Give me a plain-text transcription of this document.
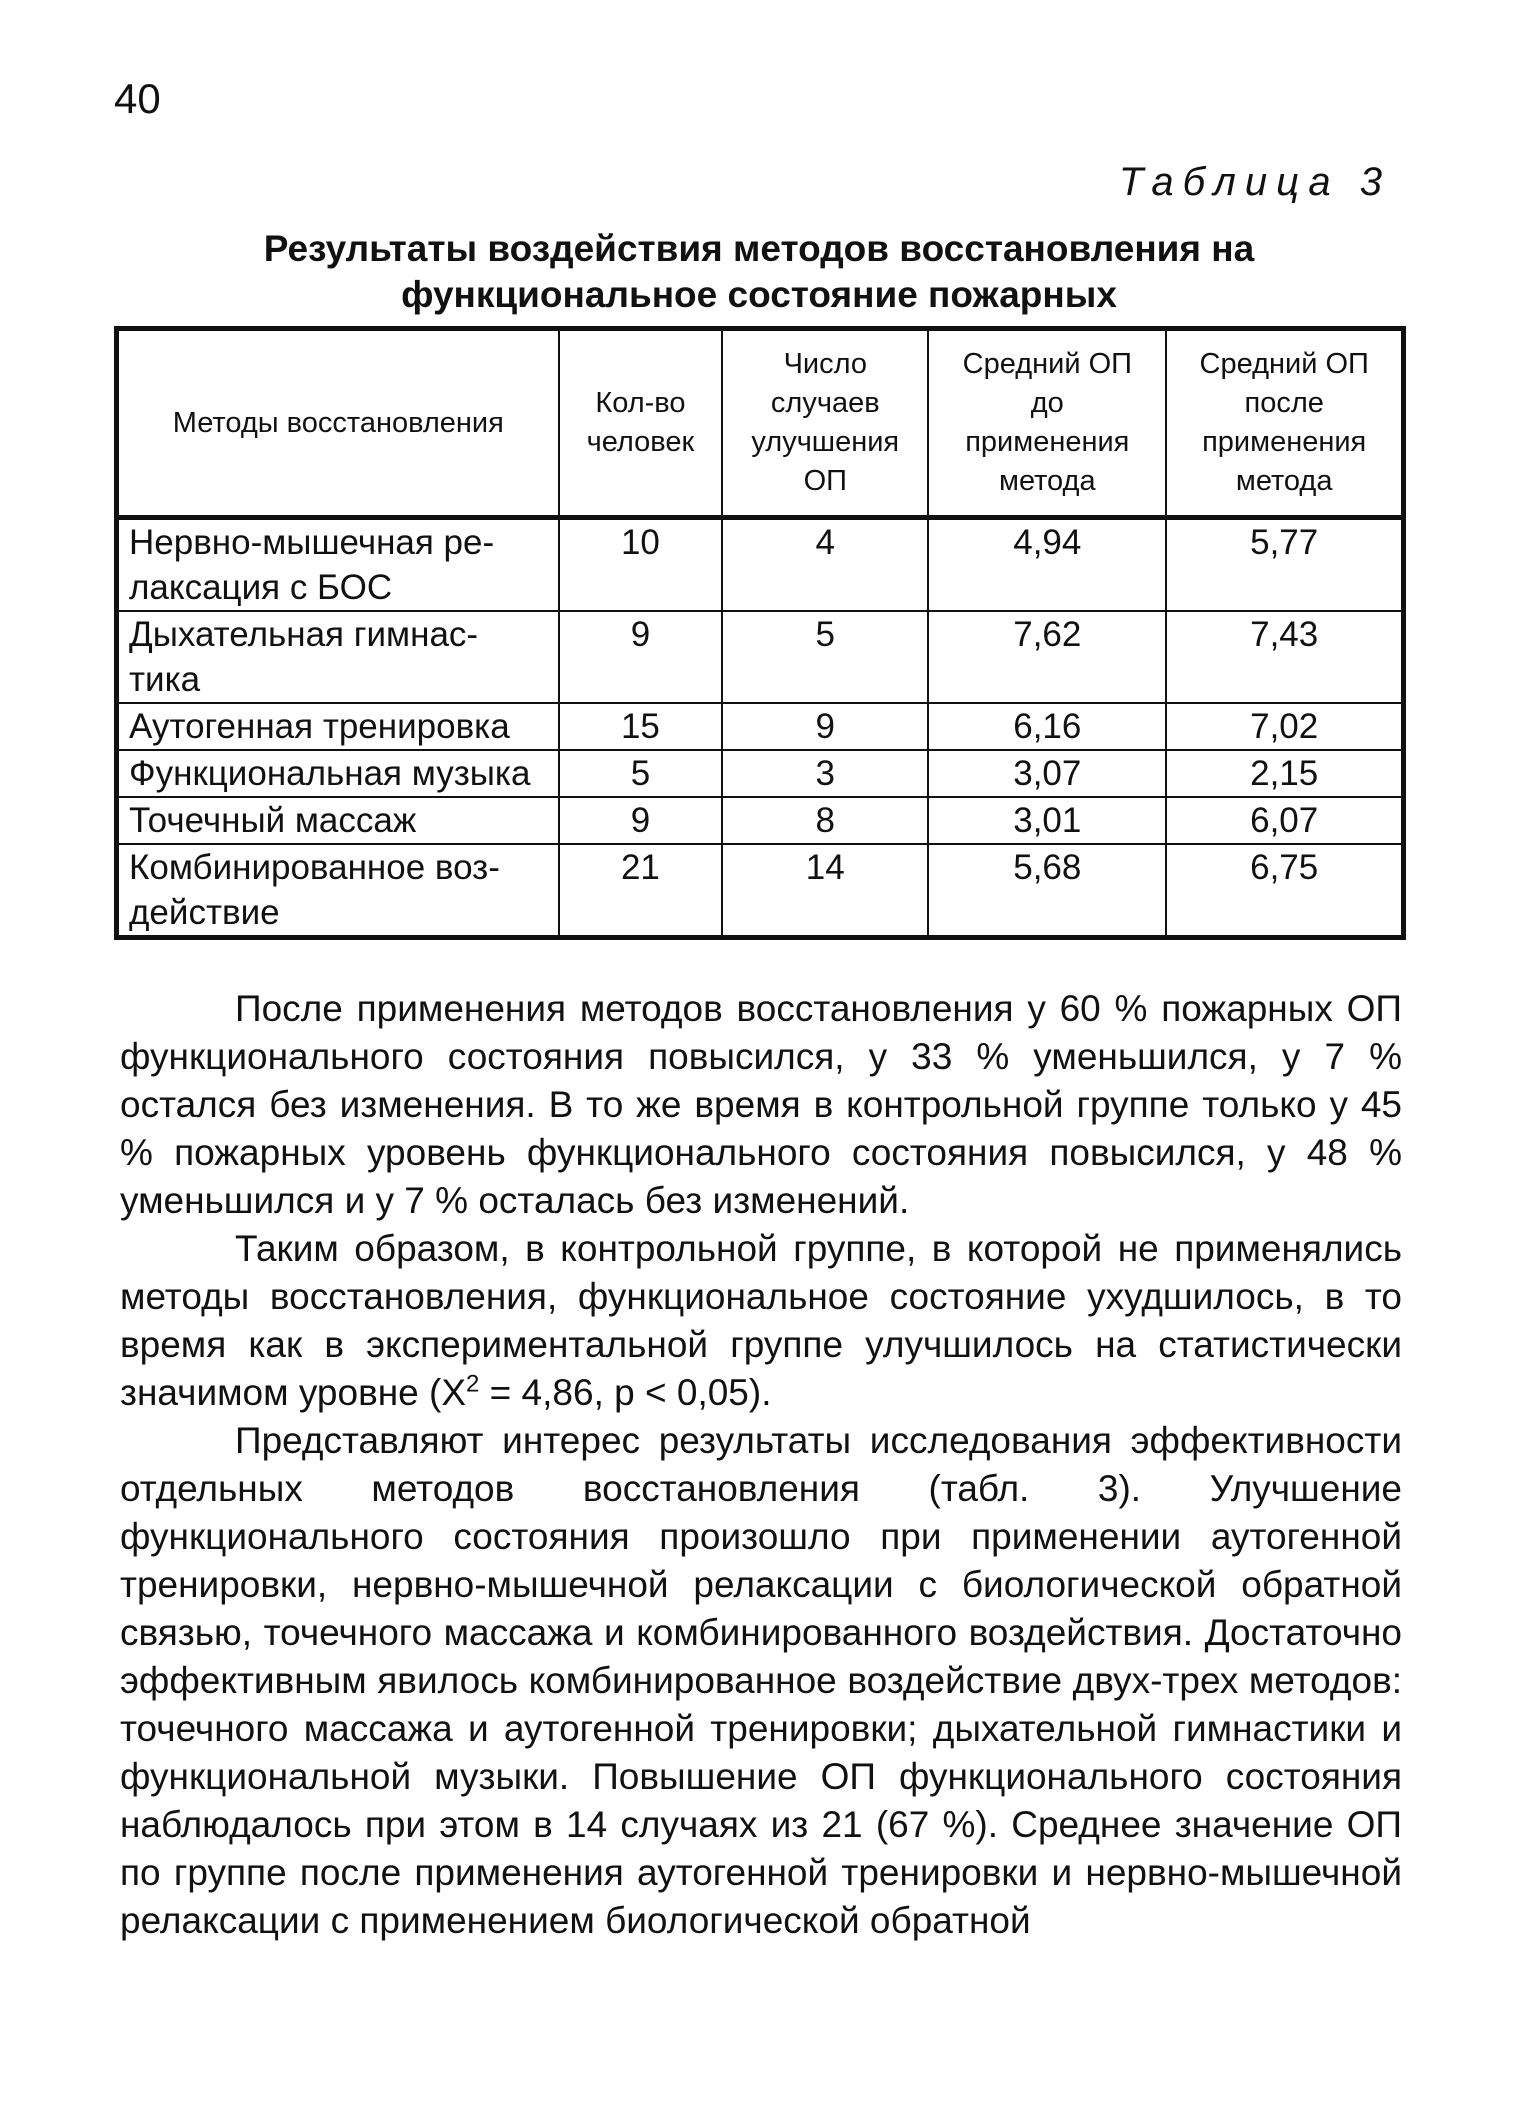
40
Таблица 3
Результаты воздействия методов восстановления на
функциональное состояние пожарных
Методы восстановления	Кол-во человек	Число случаев улучшения ОП	Средний ОП до применения метода	Средний ОП после применения метода

Нервно-мышечная ре-
лаксация с БОС	10	4	4,94	5,77

Дыхательная гимнас-
тика	9	5	7,62	7,43

Аутогенная тренировка	15	9	6,16	7,02

Функциональная музыка	5	3	3,07	2,15

Точечный массаж	9	8	3,01	6,07

Комбинированное воз-
действие	21	14	5,68	6,75

После применения методов восстановления у 60 % пожарных ОП функционального состояния повысился, у 33 % уменьшился, у 7 % остался без изменения. В то же время в контрольной группе только у 45 % пожарных уровень функционального состояния повысился, у 48 % уменьшился и у 7 % осталась без изменений.

Таким образом, в контрольной группе, в которой не применялись методы восстановления, функциональное состояние ухудшилось, в то время как в экспериментальной группе улучшилось на статистически значимом уровне ($Х^2 = 4,86$, р < 0,05).

Представляют интерес результаты исследования эффективности отдельных методов восстановления (табл. 3). Улучшение функционального состояния произошло при применении аутогенной тренировки, нервно-мышечной релаксации с биологической обратной связью, точечного массажа и комбинированного воздействия. Достаточно эффективным явилось комбинированное воздействие двух-трех методов: точечного массажа и аутогенной тренировки; дыхательной гимнастики и функциональной музыки. Повышение ОП функционального состояния наблюдалось при этом в 14 случаях из 21 (67 %). Среднее значение ОП по группе после применения аутогенной тренировки и нервно-мышечной релаксации с применением биологической обратной
